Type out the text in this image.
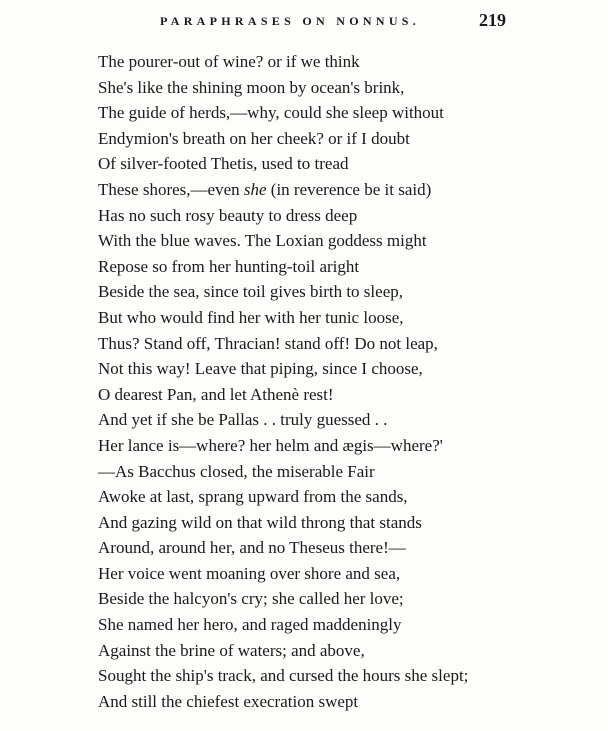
PARAPHRASES ON NONNUS.	219
The pourer-out of wine? or if we think
She's like the shining moon by ocean's brink,
The guide of herds,—why, could she sleep without
Endymion's breath on her cheek? or if I doubt
Of silver-footed Thetis, used to tread
These shores,—even she (in reverence be it said)
Has no such rosy beauty to dress deep
With the blue waves. The Loxian goddess might
Repose so from her hunting-toil aright
Beside the sea, since toil gives birth to sleep,
But who would find her with her tunic loose,
Thus? Stand off, Thracian! stand off! Do not leap,
Not this way! Leave that piping, since I choose,
O dearest Pan, and let Athenè rest!
And yet if she be Pallas . . truly guessed . .
Her lance is—where? her helm and ægis—where?'
—As Bacchus closed, the miserable Fair
Awoke at last, sprang upward from the sands,
And gazing wild on that wild throng that stands
Around, around her, and no Theseus there!—
Her voice went moaning over shore and sea,
Beside the halcyon's cry; she called her love;
She named her hero, and raged maddeningly
Against the brine of waters; and above,
Sought the ship's track, and cursed the hours she slept;
And still the chiefest execration swept
